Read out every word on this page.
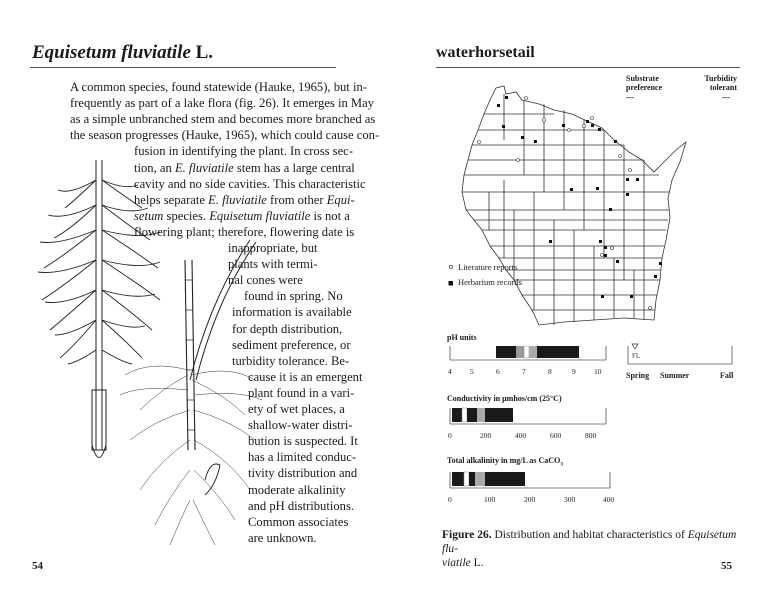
Equisetum fluviatile L.
A common species, found statewide (Hauke, 1965), but in-
frequently as part of a lake flora (fig. 26). It emerges in May
as a simple unbranched stem and becomes more branched as
the season progresses (Hauke, 1965), which could cause con-
fusion in identifying the plant. In cross sec-
tion, an E. fluviatile stem has a large central
cavity and no side cavities. This characteristic
helps separate E. fluviatile from other Equi-
setum species. Equisetum fluviatile is not a
flowering plant; therefore, flowering date is
inappropriate, but
plants with termi-
nal cones were
found in spring. No
information is available
for depth distribution,
sediment preference, or
turbidity tolerance. Be-
cause it is an emergent
plant found in a vari-
ety of wet places, a
shallow-water distri-
bution is suspected. It
has a limited conduc-
tivity distribution and
moderate alkalinity
and pH distributions.
Common associates
are unknown.
54
waterhorsetail
Substrate
preference
—
Turbidity
tolerant
—
Literature reports
Herbarium records
pH units
4 5	6	7	8	9 10
FL
Spring Summer	Fall
Conductivity in μmhos/cm (25°C)
0	200	400	600	800
Total alkalinity in mg/L as CaCO$_3$
0	100	200	300	400
Figure 26. Distribution and habitat characteristics of Equisetum flu-
viatile L.	55
